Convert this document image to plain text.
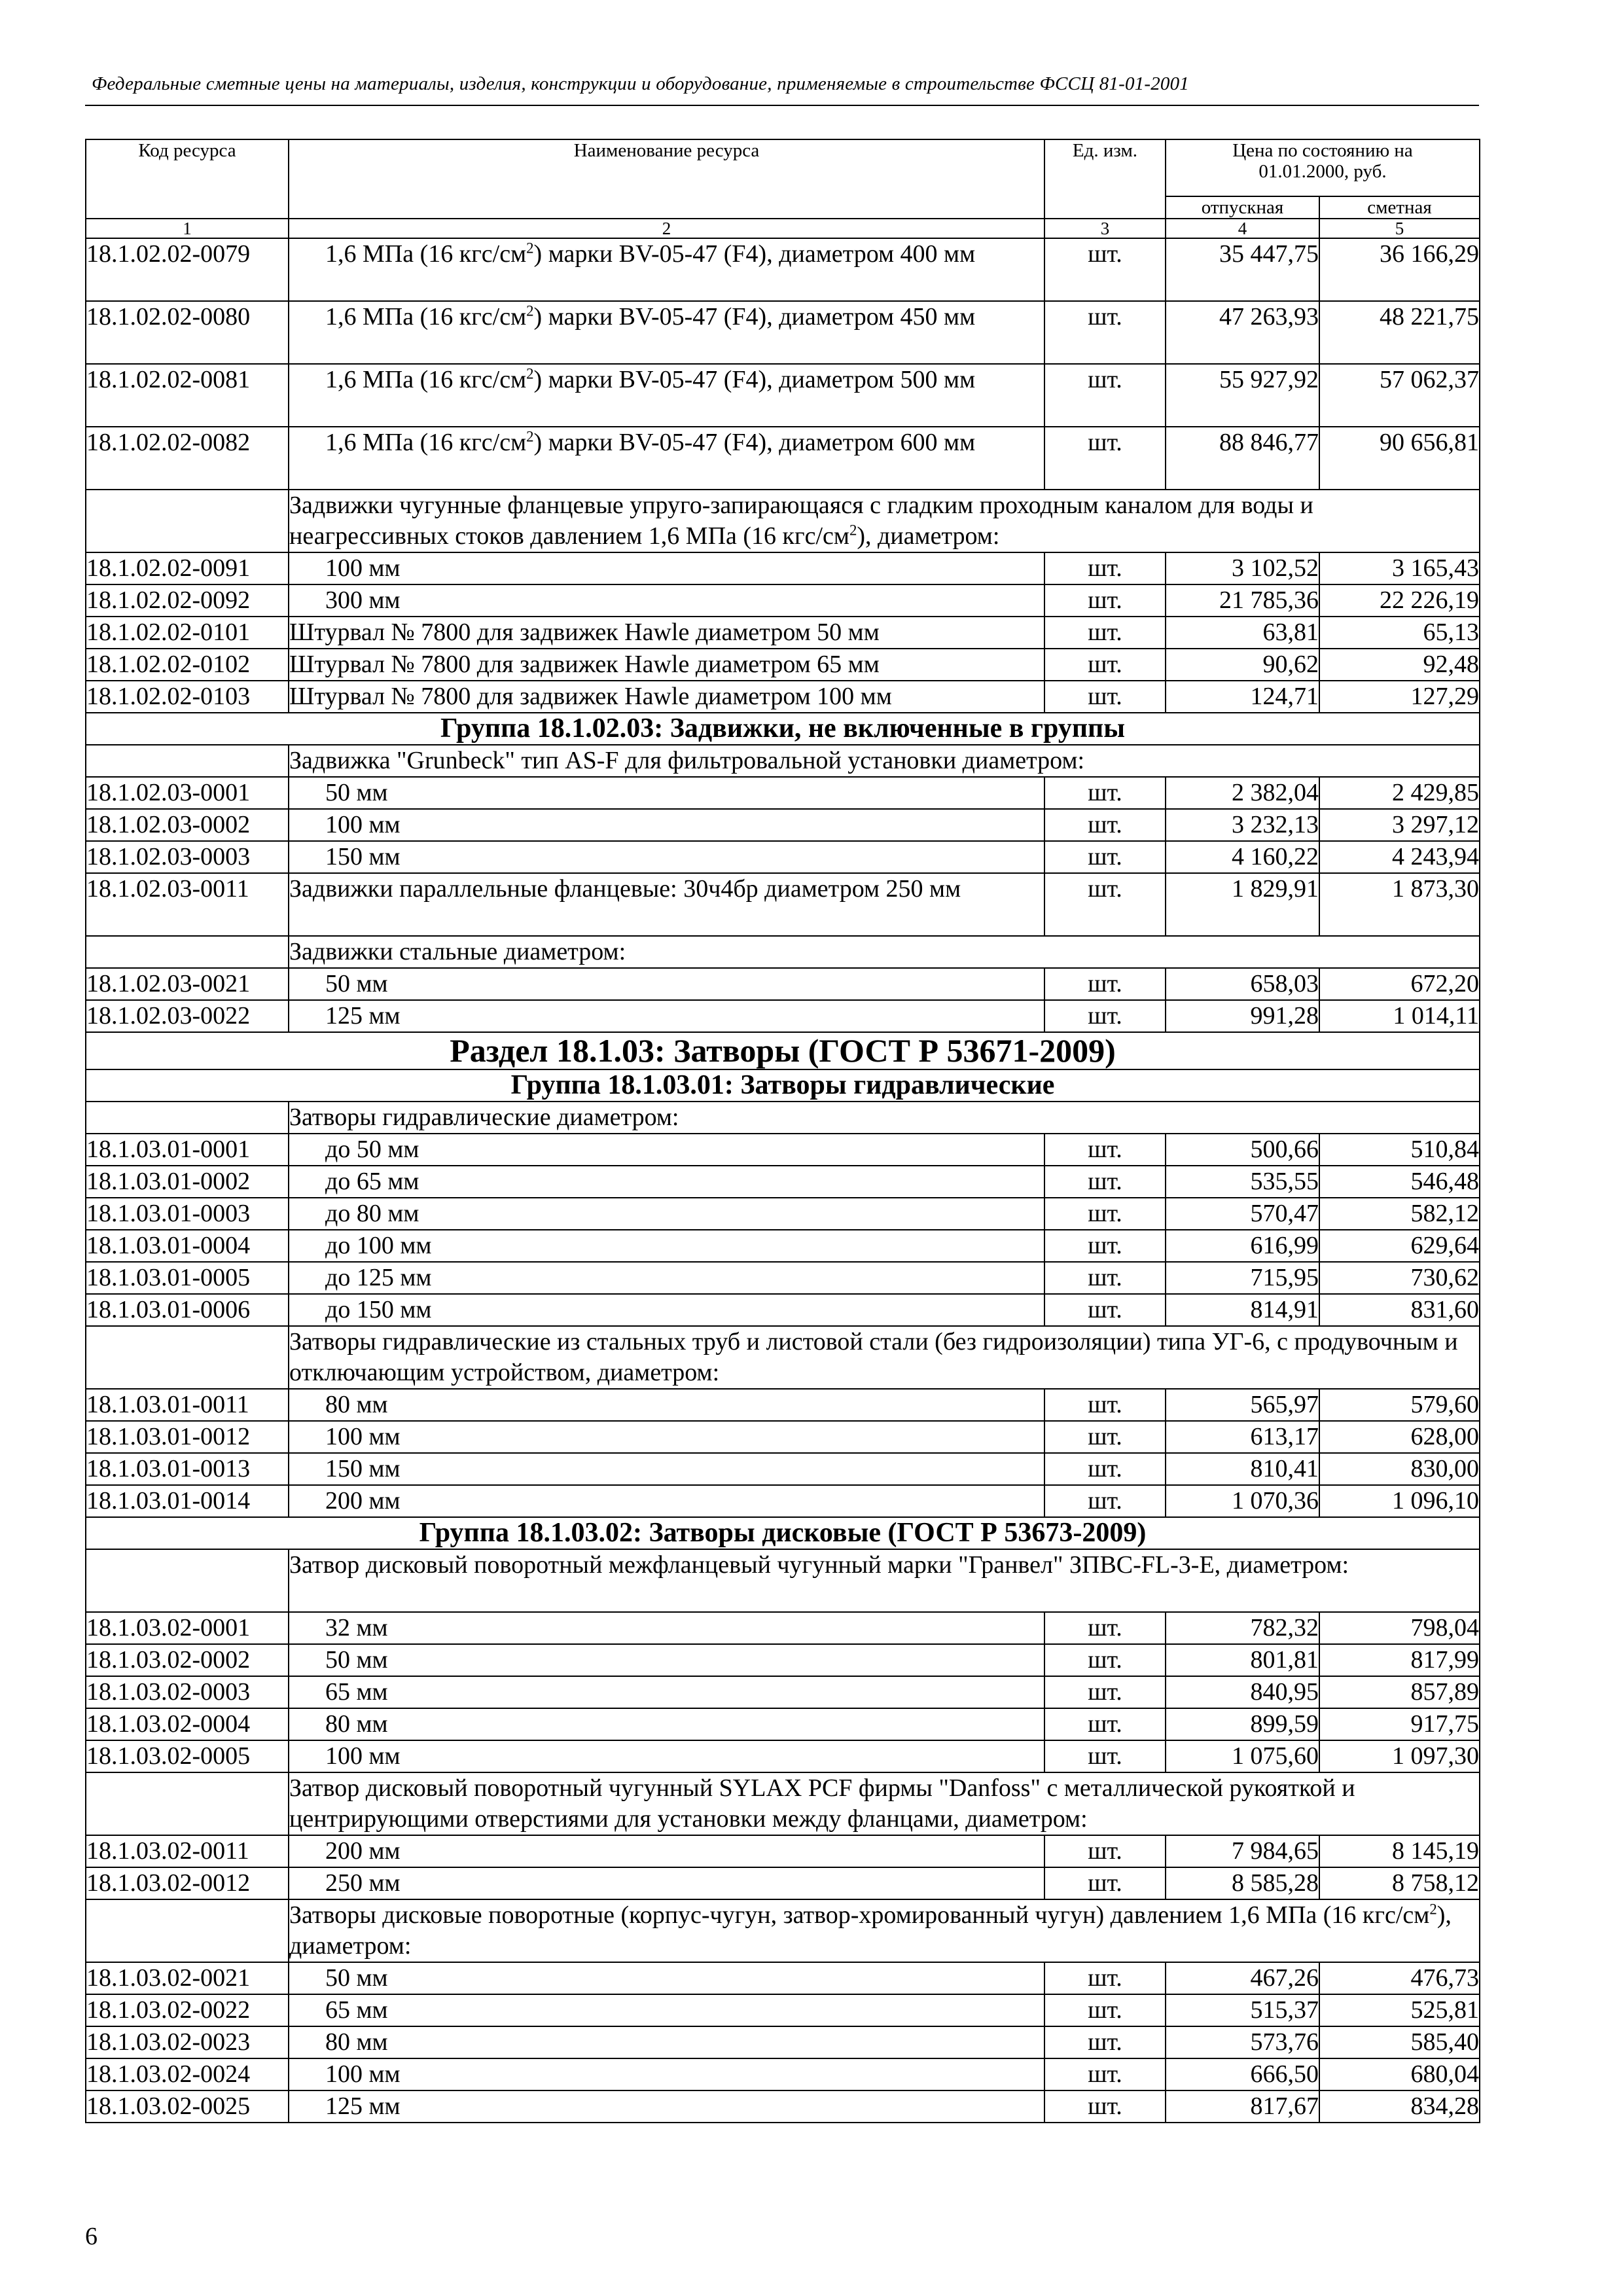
Федеральные сметные цены на материалы, изделия, конструкции и оборудование, применяемые в строительстве ФССЦ 81-01-2001
Код ресурса	Наименование ресурса	Ед. изм.	Цена по состоянию на
01.01.2000, руб.	

			отпускная	сметная
1	2	3	4	5
18.1.02.02-0079	1,6 МПа (16 кгс/$см^2$) марки BV-05-47 (F4), диаметром 400 мм	шт.	35 447,75	36 166,29
18.1.02.02-0080	1,6 МПа (16 кгс/$см^2$) марки BV-05-47 (F4), диаметром 450 мм	шт.	47 263,93	48 221,75
18.1.02.02-0081	1,6 МПа (16 кгс/$см^2$) марки BV-05-47 (F4), диаметром 500 мм	шт.	55 927,92	57 062,37
18.1.02.02-0082	1,6 МПа (16 кгс/$см^2$) марки BV-05-47 (F4), диаметром 600 мм	шт.	88 846,77	90 656,81
	Задвижки чугунные фланцевые упруго-запирающаяся с гладким проходным каналом для воды и неагрессивных стоков давлением 1,6 МПа (16 кгс/$см^2$), диаметром:			
18.1.02.02-0091	100 мм	шт.	3 102,52	3 165,43
18.1.02.02-0092	300 мм	шт.	21 785,36	22 226,19
18.1.02.02-0101	Штурвал № 7800 для задвижек Hawle диаметром 50 мм	шт.	63,81	65,13
18.1.02.02-0102	Штурвал № 7800 для задвижек Hawle диаметром 65 мм	шт.	90,62	92,48
18.1.02.02-0103	Штурвал № 7800 для задвижек Hawle диаметром 100 мм	шт.	124,71	127,29
Группа 18.1.02.03: Задвижки, не включенные в группы				
	Задвижка "Grunbeck" тип AS-F для фильтровальной установки диаметром:			
18.1.02.03-0001	50 мм	шт.	2 382,04	2 429,85
18.1.02.03-0002	100 мм	шт.	3 232,13	3 297,12
18.1.02.03-0003	150 мм	шт.	4 160,22	4 243,94
18.1.02.03-0011	Задвижки параллельные фланцевые: 30ч4бр диаметром 250 мм	шт.	1 829,91	1 873,30
	Задвижки стальные диаметром:			
18.1.02.03-0021	50 мм	шт.	658,03	672,20
18.1.02.03-0022	125 мм	шт.	991,28	1 014,11
Раздел 18.1.03: Затворы (ГОСТ Р 53671-2009)				
Группа 18.1.03.01: Затворы гидравлические				
	Затворы гидравлические диаметром:			
18.1.03.01-0001	до 50 мм	шт.	500,66	510,84
18.1.03.01-0002	до 65 мм	шт.	535,55	546,48
18.1.03.01-0003	до 80 мм	шт.	570,47	582,12
18.1.03.01-0004	до 100 мм	шт.	616,99	629,64
18.1.03.01-0005	до 125 мм	шт.	715,95	730,62
18.1.03.01-0006	до 150 мм	шт.	814,91	831,60
	Затворы гидравлические из стальных труб и листовой стали (без гидроизоляции) типа УГ-6, с продувочным и отключающим устройством, диаметром:			
18.1.03.01-0011	80 мм	шт.	565,97	579,60
18.1.03.01-0012	100 мм	шт.	613,17	628,00
18.1.03.01-0013	150 мм	шт.	810,41	830,00
18.1.03.01-0014	200 мм	шт.	1 070,36	1 096,10
Группа 18.1.03.02: Затворы дисковые (ГОСТ Р 53673-2009)				
	Затвор дисковый поворотный межфланцевый чугунный марки "Гранвел" ЗПВС-FL-3-E, диаметром:			
18.1.03.02-0001	32 мм	шт.	782,32	798,04
18.1.03.02-0002	50 мм	шт.	801,81	817,99
18.1.03.02-0003	65 мм	шт.	840,95	857,89
18.1.03.02-0004	80 мм	шт.	899,59	917,75
18.1.03.02-0005	100 мм	шт.	1 075,60	1 097,30
	Затвор дисковый поворотный чугунный SYLAX PCF фирмы "Danfoss" с металлической рукояткой и центрирующими отверстиями для установки между фланцами, диаметром:			
18.1.03.02-0011	200 мм	шт.	7 984,65	8 145,19
18.1.03.02-0012	250 мм	шт.	8 585,28	8 758,12
	Затворы дисковые поворотные (корпус-чугун, затвор-хромированный чугун) давлением 1,6 МПа (16 кгс/$см^2$), диаметром:			
18.1.03.02-0021	50 мм	шт.	467,26	476,73
18.1.03.02-0022	65 мм	шт.	515,37	525,81
18.1.03.02-0023	80 мм	шт.	573,76	585,40
18.1.03.02-0024	100 мм	шт.	666,50	680,04
18.1.03.02-0025	125 мм	шт.	817,67	834,28
6
